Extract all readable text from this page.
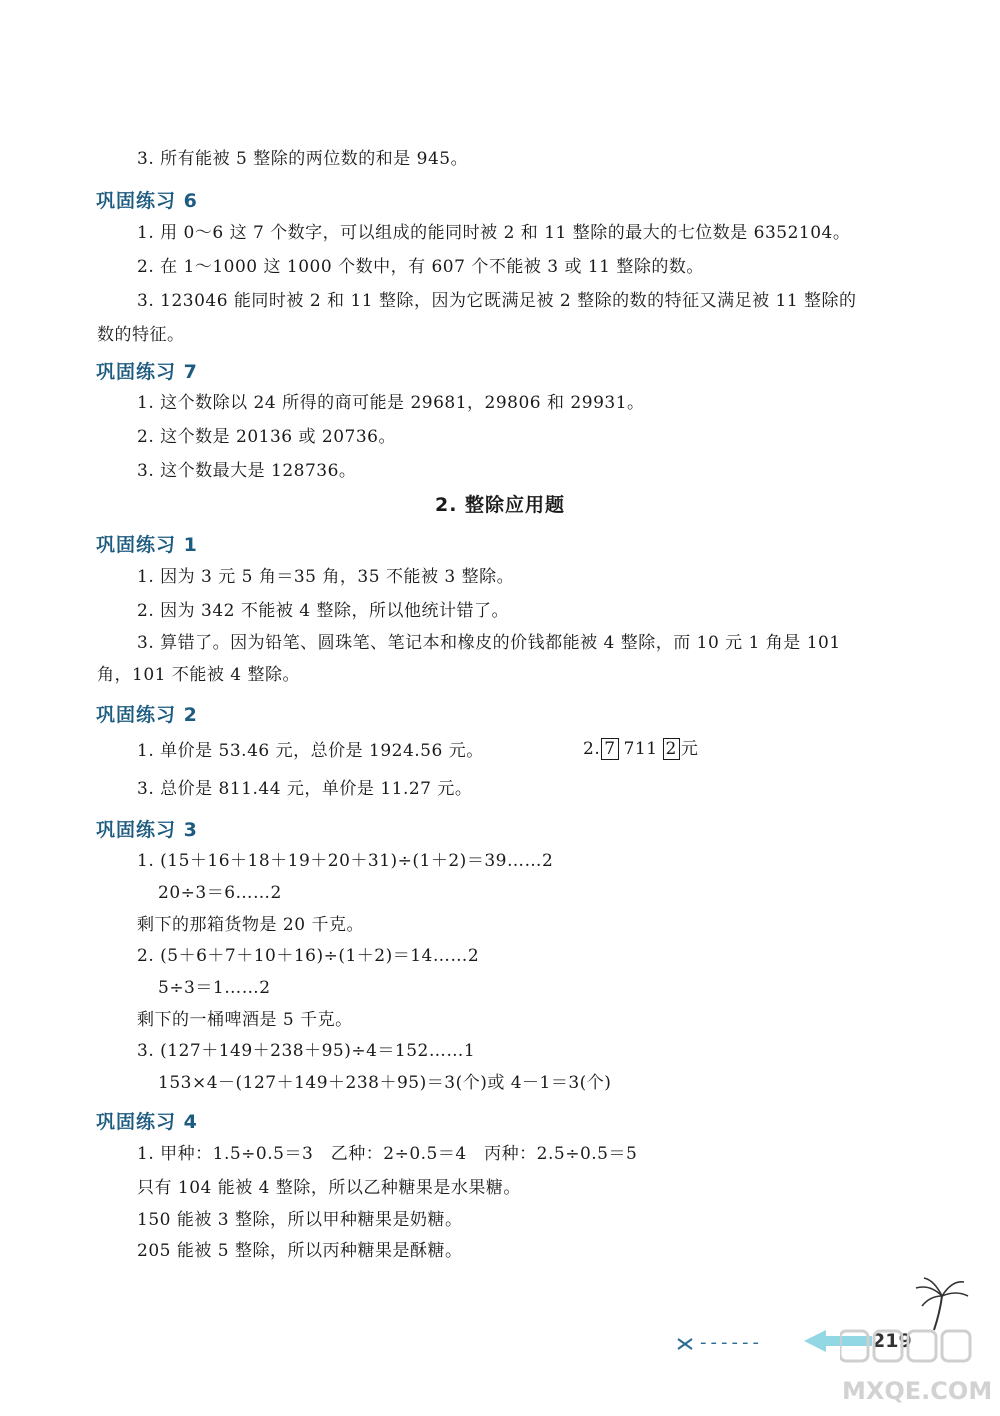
3. 所有能被 5 整除的两位数的和是 945。
巩固练习 6
1. 用 0～6 这 7 个数字，可以组成的能同时被 2 和 11 整除的最大的七位数是 6352104。
2. 在 1～1000 这 1000 个数中，有 607 个不能被 3 或 11 整除的数。
3. 123046 能同时被 2 和 11 整除，因为它既满足被 2 整除的数的特征又满足被 11 整除的
数的特征。
巩固练习 7
1. 这个数除以 24 所得的商可能是 29681，29806 和 29931。
2. 这个数是 20136 或 20736。
3. 这个数最大是 128736。
2. 整除应用题
巩固练习 1
1. 因为 3 元 5 角＝35 角，35 不能被 3 整除。
2. 因为 342 不能被 4 整除，所以他统计错了。
3. 算错了。因为铅笔、圆珠笔、笔记本和橡皮的价钱都能被 4 整除，而 10 元 1 角是 101
角，101 不能被 4 整除。
巩固练习 2
1. 单价是 53.46 元，总价是 1924.56 元。	2. 7 711 2 元
3. 总价是 811.44 元，单价是 11.27 元。
巩固练习 3
1. (15＋16＋18＋19＋20＋31)÷(1＋2)＝39……2
20÷3＝6……2
剩下的那箱货物是 20 千克。
2. (5＋6＋7＋10＋16)÷(1＋2)＝14……2
5÷3＝1……2
剩下的一桶啤酒是 5 千克。
3. (127＋149＋238＋95)÷4＝152……1
153×4－(127＋149＋238＋95)＝3(个)或 4－1＝3(个)
巩固练习 4
1. 甲种：1.5÷0.5＝3　乙种：2÷0.5＝4　丙种：2.5÷0.5＝5
只有 104 能被 4 整除，所以乙种糖果是水果糖。
150 能被 3 整除，所以甲种糖果是奶糖。
205 能被 5 整除，所以丙种糖果是酥糖。
------	219
MXQE.COM
